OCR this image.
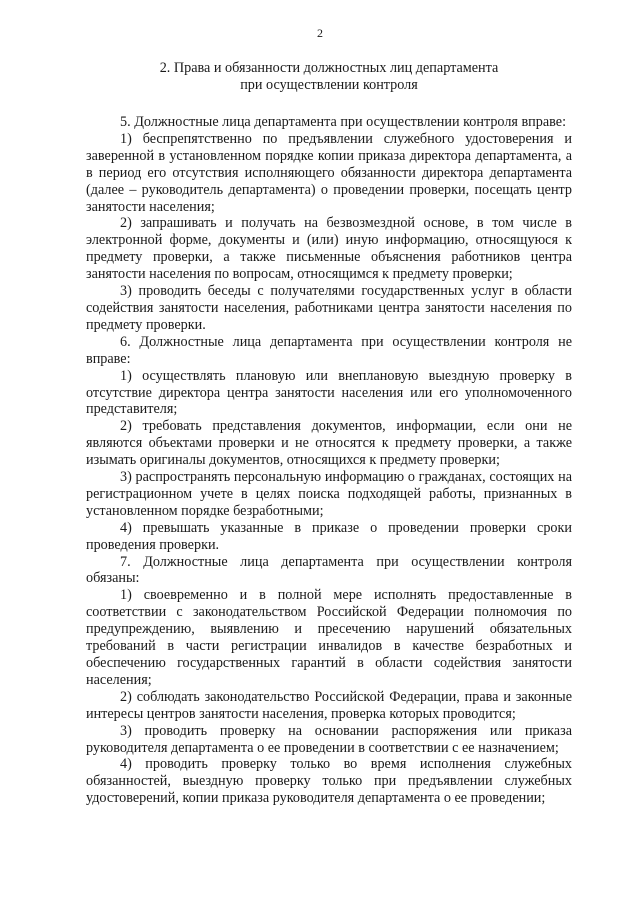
2
2. Права и обязанности должностных лиц департамента
при осуществлении контроля

5. Должностные лица департамента при осуществлении контроля вправе:

1) беспрепятственно по предъявлении служебного удостоверения и заверенной в установленном порядке копии приказа директора департамента, а в период его отсутствия исполняющего обязанности директора департамента (далее – руководитель департамента) о проведении проверки, посещать центр занятости населения;

2) запрашивать и получать на безвозмездной основе, в том числе в электронной форме, документы и (или) иную информацию, относящуюся к предмету проверки, а также письменные объяснения работников центра занятости населения по вопросам, относящимся к предмету проверки;

3) проводить беседы с получателями государственных услуг в области содействия занятости населения, работниками центра занятости населения по предмету проверки.

6. Должностные лица департамента при осуществлении контроля не вправе:

1) осуществлять плановую или внеплановую выездную проверку в отсутствие директора центра занятости населения или его уполномоченного представителя;

2) требовать представления документов, информации, если они не являются объектами проверки и не относятся к предмету проверки, а также изымать оригиналы документов, относящихся к предмету проверки;

3) распространять персональную информацию о гражданах, состоящих на регистрационном учете в целях поиска подходящей работы, признанных в установленном порядке безработными;

4) превышать указанные в приказе о проведении проверки сроки проведения проверки.

7. Должностные лица департамента при осуществлении контроля обязаны:

1) своевременно и в полной мере исполнять предоставленные в соответствии с законодательством Российской Федерации полномочия по предупреждению, выявлению и пресечению нарушений обязательных требований в части регистрации инвалидов в качестве безработных и обеспечению государственных гарантий в области содействия занятости населения;

2) соблюдать законодательство Российской Федерации, права и законные интересы центров занятости населения, проверка которых проводится;

3) проводить проверку на основании распоряжения или приказа руководителя департамента о ее проведении в соответствии с ее назначением;

4) проводить проверку только во время исполнения служебных обязанностей, выездную проверку только при предъявлении служебных удостоверений, копии приказа руководителя департамента о ее проведении;
